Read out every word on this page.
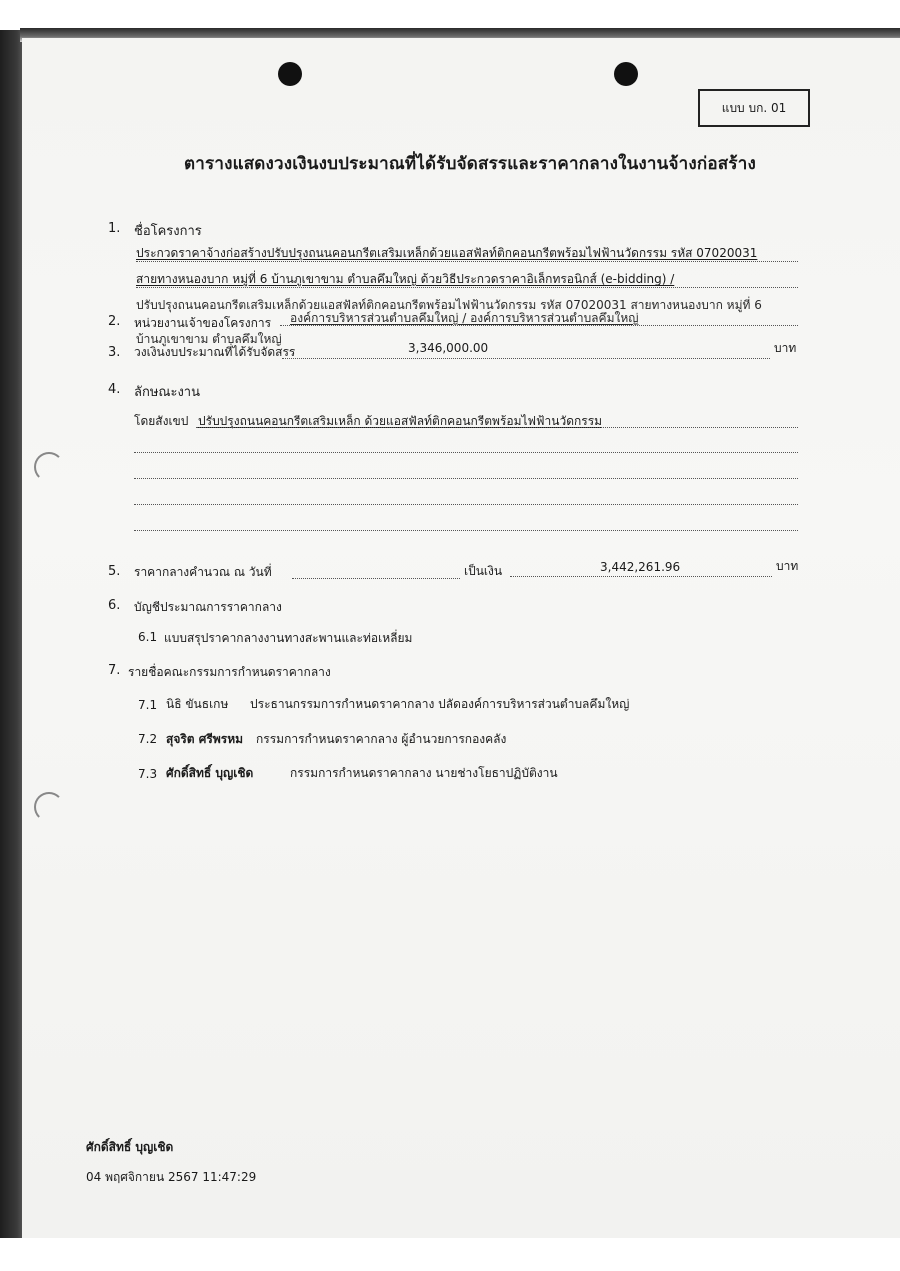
แบบ บก. 01
ตารางแสดงวงเงินงบประมาณที่ได้รับจัดสรรและราคากลางในงานจ้างก่อสร้าง
1. ชื่อโครงการ
ประกวดราคาจ้างก่อสร้างปรับปรุงถนนคอนกรีตเสริมเหล็กด้วยแอสฟัลท์ติกคอนกรีตพร้อมไฟฟ้านวัดกรรม รหัส 07020031
สายทางหนองบาก หมู่ที่ 6 บ้านภูเขาขาม ตำบลคึมใหญ่ ด้วยวิธีประกวดราคาอิเล็กทรอนิกส์ (e-bidding) /
ปรับปรุงถนนคอนกรีตเสริมเหล็กด้วยแอสฟัลท์ติกคอนกรีตพร้อมไฟฟ้านวัดกรรม รหัส 07020031 สายทางหนองบาก หมู่ที่ 6
บ้านภูเขาขาม ตำบลคึมใหญ่
2. หน่วยงานเจ้าของโครงการ องค์การบริหารส่วนตำบลคึมใหญ่ / องค์การบริหารส่วนตำบลคึมใหญ่
3. วงเงินงบประมาณที่ได้รับจัดสรร	3,346,000.00	บาท
4. ลักษณะงาน
โดยสังเขป ปรับปรุงถนนคอนกรีตเสริมเหล็ก ด้วยแอสฟัลท์ติกคอนกรีตพร้อมไฟฟ้านวัดกรรม
5. ราคากลางคำนวณ ณ วันที่	เป็นเงิน	3,442,261.96	บาท
6. บัญชีประมาณการราคากลาง
6.1 แบบสรุปราคากลางงานทางสะพานและท่อเหลี่ยม
7. รายชื่อคณะกรรมการกำหนดราคากลาง
7.1 นิธิ ขันธเกษ ประธานกรรมการกำหนดราคากลาง ปลัดองค์การบริหารส่วนตำบลคึมใหญ่
7.2 สุจริต ศรีพรหม กรรมการกำหนดราคากลาง ผู้อำนวยการกองคลัง
7.3 ศักดิ์สิทธิ์ บุญเชิด	กรรมการกำหนดราคากลาง นายช่างโยธาปฏิบัติงาน
ศักดิ์สิทธิ์ บุญเชิด
04 พฤศจิกายน 2567 11:47:29
